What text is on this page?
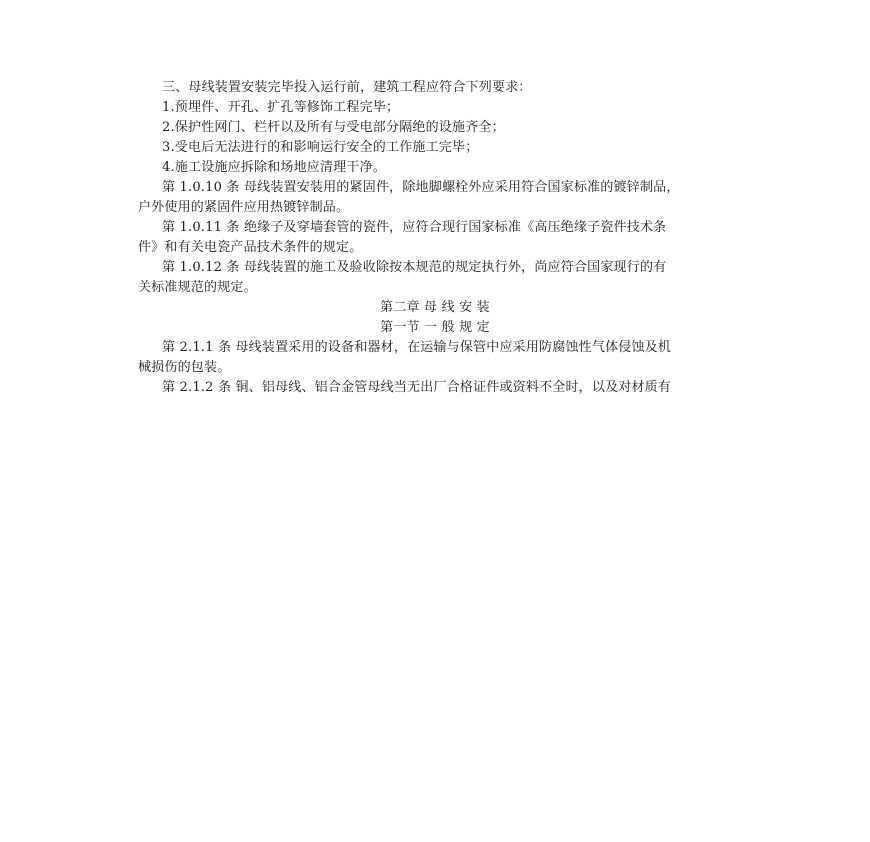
三、母线装置安装完毕投入运行前，建筑工程应符合下列要求：
1.预埋件、开孔、扩孔等修饰工程完毕；
2.保护性网门、栏杆以及所有与受电部分隔绝的设施齐全；
3.受电后无法进行的和影响运行安全的工作施工完毕；
4.施工设施应拆除和场地应清理干净。
第 1.0.10 条 母线装置安装用的紧固件，除地脚螺栓外应采用符合国家标准的镀锌制品，
户外使用的紧固件应用热镀锌制品。
第 1.0.11 条 绝缘子及穿墙套管的瓷件，应符合现行国家标准《高压绝缘子瓷件技术条
件》和有关电瓷产品技术条件的规定。
第 1.0.12 条 母线装置的施工及验收除按本规范的规定执行外，尚应符合国家现行的有
关标准规范的规定。
第二章 母 线 安 装
第一节 一 般 规 定
第 2.1.1 条 母线装置采用的设备和器材，在运输与保管中应采用防腐蚀性气体侵蚀及机
械损伤的包装。
第 2.1.2 条 铜、铝母线、铝合金管母线当无出厂合格证件或资料不全时，以及对材质有
